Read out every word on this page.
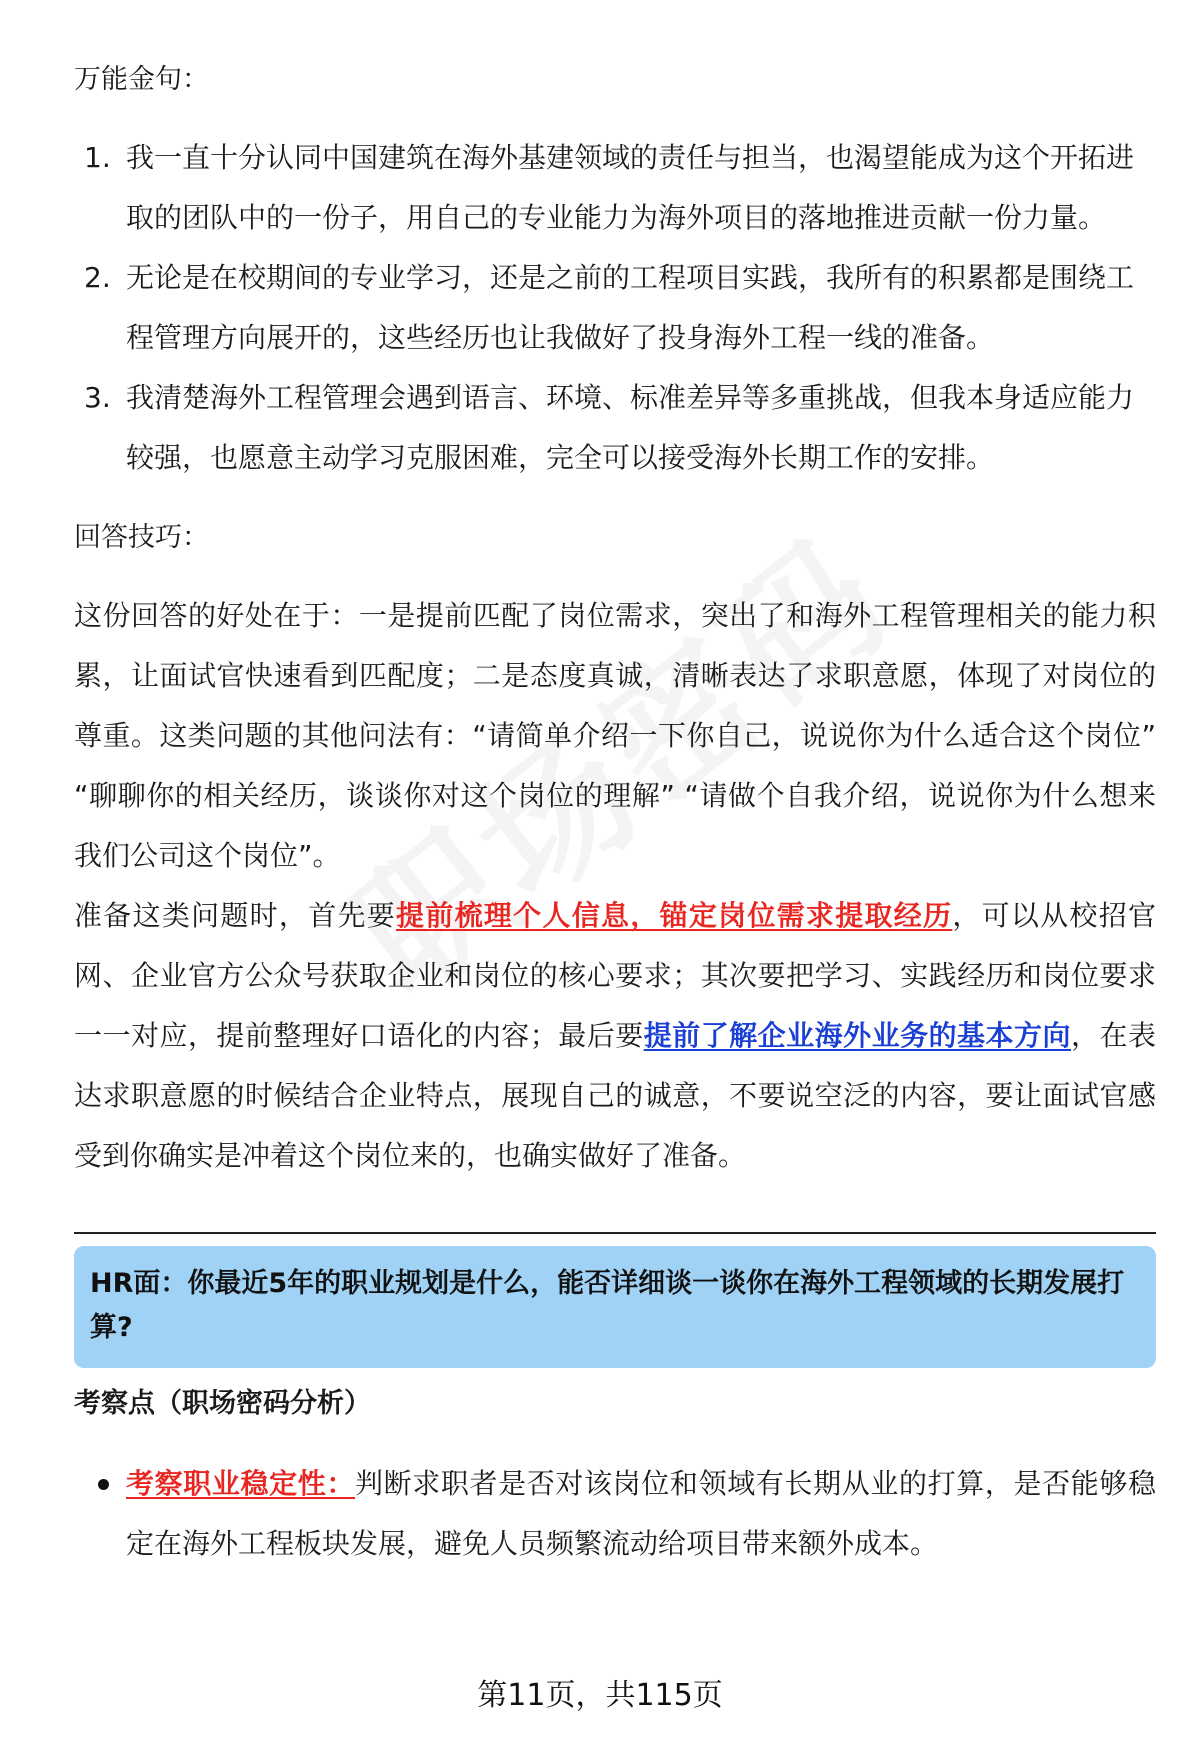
万能金句：

1. 我一直十分认同中国建筑在海外基建领域的责任与担当，也渴望能成为这个开拓进取的团队中的一份子，用自己的专业能力为海外项目的落地推进贡献一份力量。
2. 无论是在校期间的专业学习，还是之前的工程项目实践，我所有的积累都是围绕工程管理方向展开的，这些经历也让我做好了投身海外工程一线的准备。
3. 我清楚海外工程管理会遇到语言、环境、标准差异等多重挑战，但我本身适应能力较强，也愿意主动学习克服困难，完全可以接受海外长期工作的安排。

回答技巧：

这份回答的好处在于：一是提前匹配了岗位需求，突出了和海外工程管理相关的能力积累，让面试官快速看到匹配度；二是态度真诚，清晰表达了求职意愿，体现了对岗位的尊重。这类问题的其他问法有：“请简单介绍一下你自己，说说你为什么适合这个岗位” “聊聊你的相关经历，谈谈你对这个岗位的理解” “请做个自我介绍，说说你为什么想来我们公司这个岗位”。

准备这类问题时，首先要提前梳理个人信息，锚定岗位需求提取经历，可以从校招官网、企业官方公众号获取企业和岗位的核心要求；其次要把学习、实践经历和岗位要求一一对应，提前整理好口语化的内容；最后要提前了解企业海外业务的基本方向，在表达求职意愿的时候结合企业特点，展现自己的诚意，不要说空泛的内容，要让面试官感受到你确实是冲着这个岗位来的，也确实做好了准备。

HR面：你最近5年的职业规划是什么，能否详细谈一谈你在海外工程领域的长期发展打算?

考察点（职场密码分析）

考察职业稳定性：判断求职者是否对该岗位和领域有长期从业的打算，是否能够稳定在海外工程板块发展，避免人员频繁流动给项目带来额外成本。
第11页，共115页
